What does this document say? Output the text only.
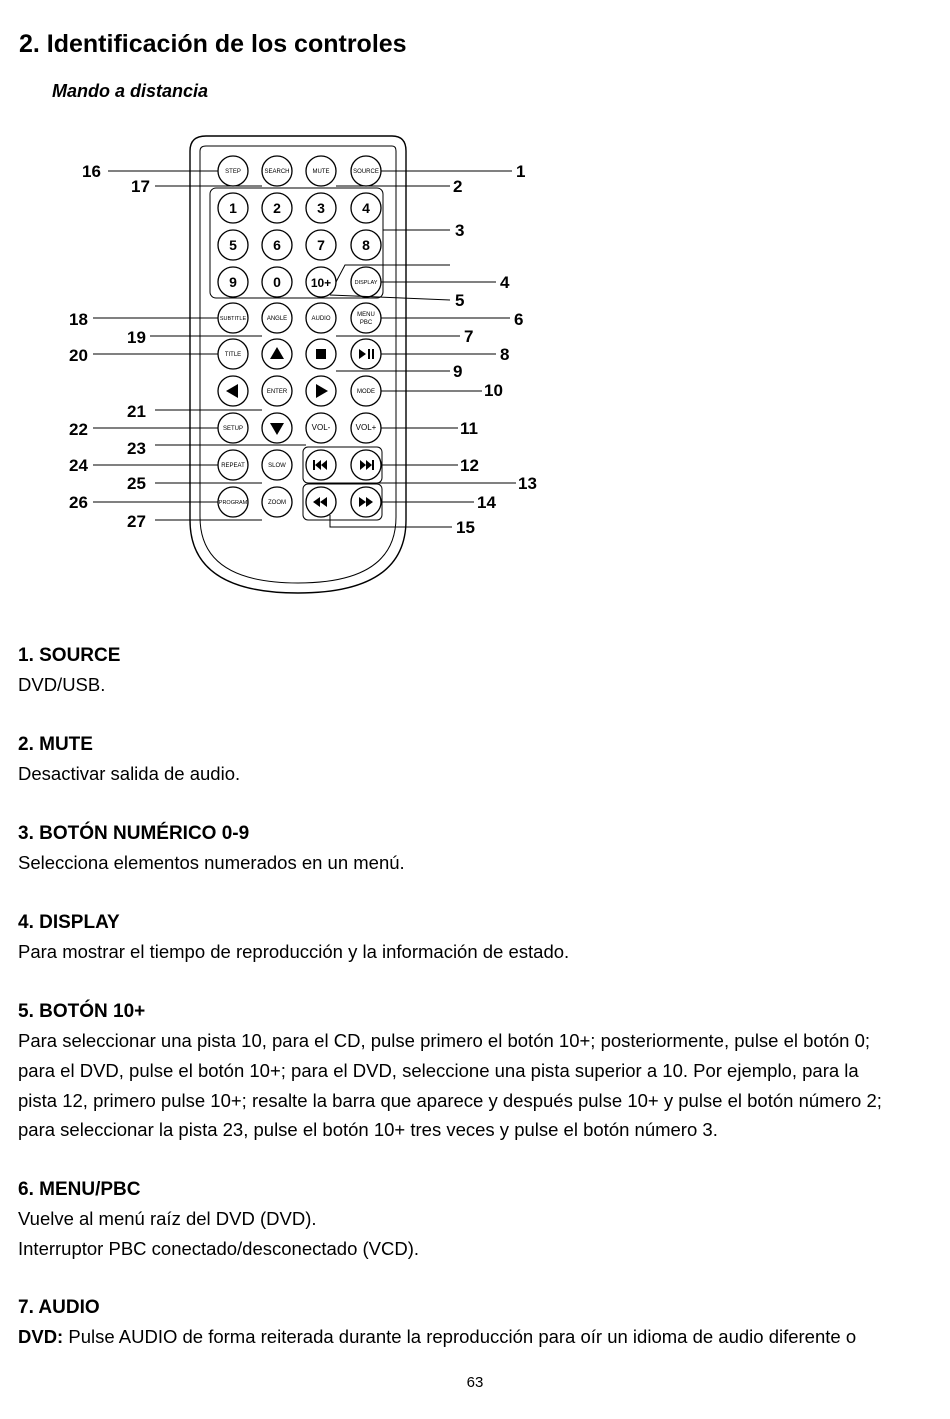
2. Identificación de los controles
Mando a distancia
STEP	SEARCH	MUTE	SOURCE
1	2	3	4
5	6	7	8
9	0 10+	DISPLAY
SUBTITLE	ANGLE	AUDIO
MENU
PBC
TITLE
ENTER	MODE
SETUP	VOL-	VOL+
REPEAT	SLOW
PROGRAM	ZOOM
1
2
3
4
5
6
7
8
9
10
11
12
13
14
15
16
17
18
19
20
21
22
23
24
25
26
27

1. SOURCE

DVD/USB.

2. MUTE

Desactivar salida de audio.

3. BOTÓN NUMÉRICO 0-9

Selecciona elementos numerados en un menú.

4. DISPLAY

Para mostrar el tiempo de reproducción y la información de estado.

5. BOTÓN 10+

Para seleccionar una pista 10, para el CD, pulse primero el botón 10+; posteriormente, pulse el botón 0;

para el DVD, pulse el botón 10+; para el DVD, seleccione una pista superior a 10. Por ejemplo, para la

pista 12, primero pulse 10+; resalte la barra que aparece y después pulse 10+ y pulse el botón número 2;

para seleccionar la pista 23, pulse el botón 10+ tres veces y pulse el botón número 3.

6. MENU/PBC

Vuelve al menú raíz del DVD (DVD).

Interruptor PBC conectado/desconectado (VCD).

7. AUDIO

DVD: Pulse AUDIO de forma reiterada durante la reproducción para oír un idioma de audio diferente o

63
